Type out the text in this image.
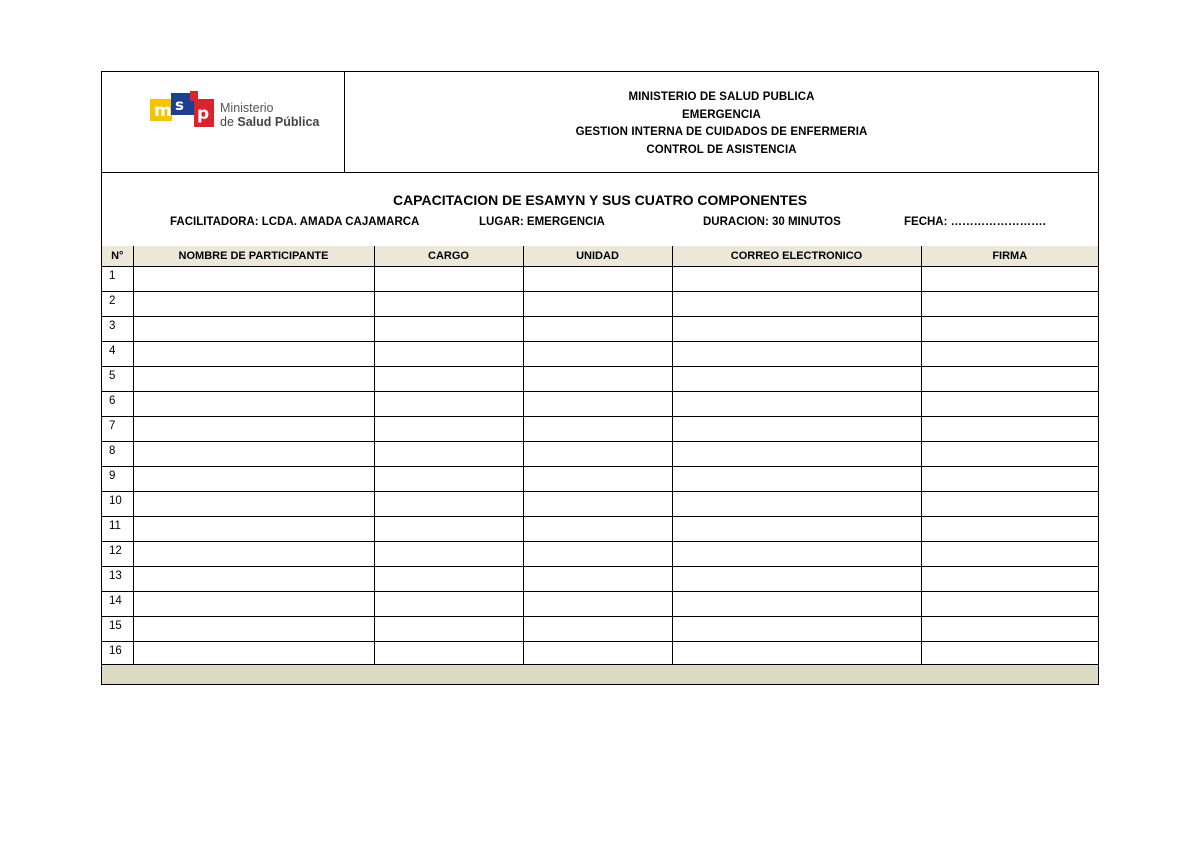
m s p Ministerio
de Salud Pública
MINISTERIO DE SALUD PUBLICA
EMERGENCIA
GESTION INTERNA DE CUIDADOS DE ENFERMERIA
CONTROL DE ASISTENCIA
CAPACITACION DE ESAMYN Y SUS CUATRO COMPONENTES
FACILITADORA: LCDA. AMADA CAJAMARCA	LUGAR: EMERGENCIA	DURACION: 30 MINUTOS	FECHA: …………………….
N°	NOMBRE DE PARTICIPANTE	CARGO	UNIDAD	CORREO ELECTRONICO	FIRMA
1					
2					
3					
4					
5					
6					
7					
8					
9					
10					
11					
12					
13					
14					
15					
16					
